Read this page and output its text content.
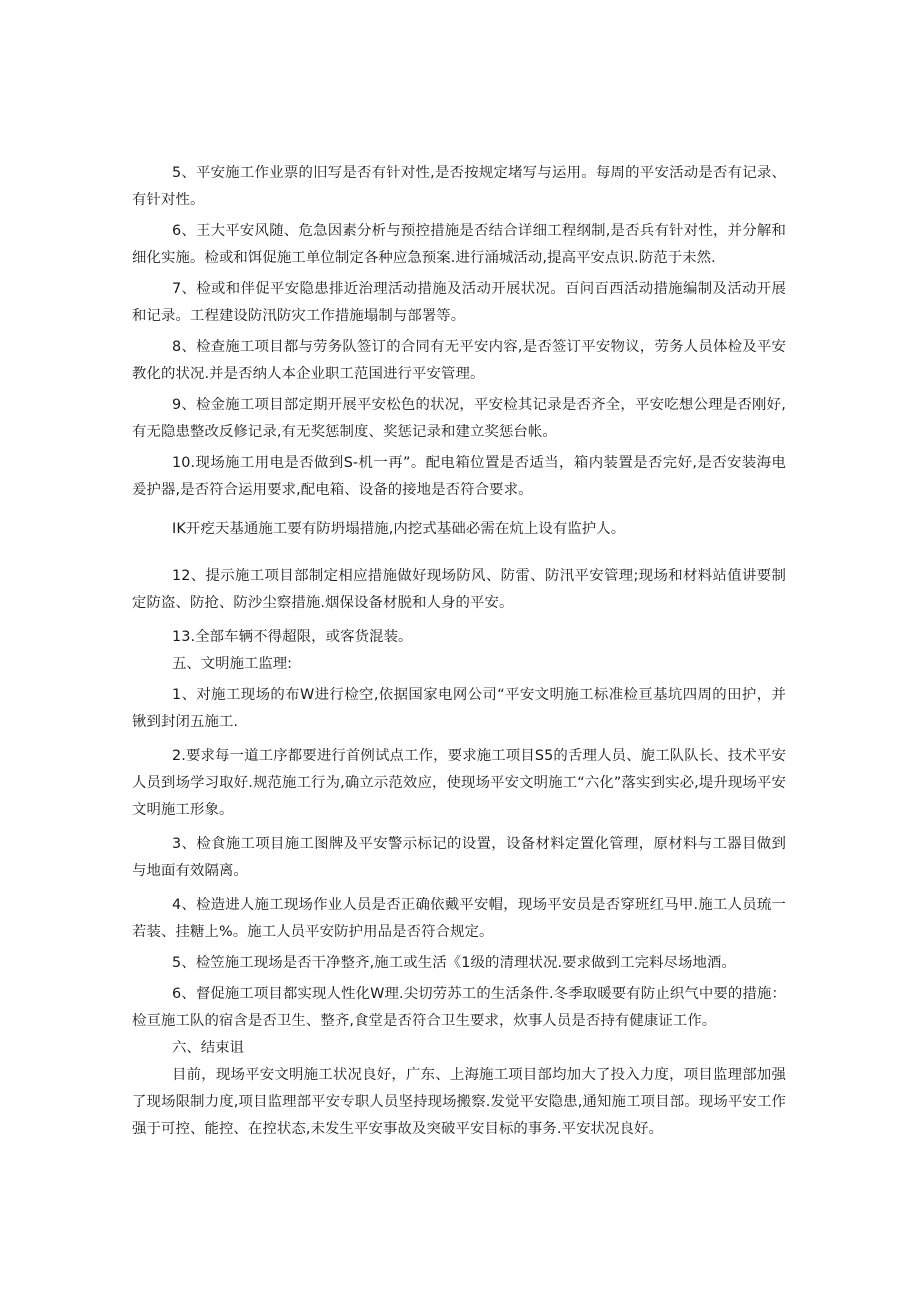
5、平安施工作业票的旧写是否有针对性,是否按规定堵写与运用。每周的平安活动是否有记录、有针对性。

6、王大平安风随、危急因素分析与预控措施是否结合详细工程纲制,是否兵有针对性，并分解和细化实施。检或和饵促施工单位制定各种应急预案.进行涌城活动,提高平安点识.防范于未然.

7、检或和伴促平安隐患排近治理活动措施及活动开展状况。百问百西活动措施编制及活动开展和记录。工程建设防汛防灾工作措施塌制与部署等。

8、检查施工项目都与劳务队签订的合同有无平安内容,是否签订平安物议，劳务人员体检及平安教化的状况.并是否纳人本企业职工范国进行平安管理。

9、检金施工项目部定期开展平安松色的状况，平安检其记录是否齐全，平安吃想公理是否刚好,有无隐患整改反修记录,有无奖惩制度、奖惩记录和建立奖惩台帐。

10.现场施工用电是否做到S-机一再”。配电箱位置是否适当，箱内装置是否完好,是否安装海电爰护器,是否符合运用要求,配电箱、设备的接地是否符合要求。

IK开疙天基通施工要有防坍塌措施,内挖式基础必需在炕上设有监护人。

12、提示施工项目部制定相应措施做好现场防风、防雷、防汛平安管理;现场和材料站值讲要制定防盗、防抢、防沙尘察措施.烟保设备材脱和人身的平安。

13.全部车辆不得超限，或客货混装。

五、文明施工监理:

1、对施工现场的布W进行检空,依据国家电网公司“平安文明施工标准检亘基坑四周的田护，并锹到封闭五施工.

2.要求每一道工序都要进行首例试点工作，要求施工项目S5的舌理人员、旎工队队长、技术平安人员到场学习取好.规范施工行为,确立示范效应，使现场平安文明施工“六化”落实到实必,堤升现场平安文明施工形象。

3、检食施工项目施工图牌及平安警示标记的设置，设备材料定置化管理，原材料与工器目做到与地面有效隔离。

4、检造进人施工现场作业人员是否正确依戴平安帽，现场平安员是否穿班红马甲.施工人员琉一若装、挂糖上%。施工人员平安防护用品是否符合规定。

5、检笠施工现场是否干净整齐,施工或生活《1级的清理状况.要求做到工完料尽场地酒。

6、督促施工项目都实现人性化W理.尖切劳苏工的生活条件.冬季取暖要有防止织气中要的措施：检亘施工队的宿含是否卫生、整齐,食堂是否符合卫生要求，炊事人员是否持有健康证工作。

六、结束诅

目前，现场平安文明施工状况良好，广东、上海施工项目部均加大了投入力度，项目监理部加强了现场限制力度,项目监理部平安专职人员坚持现场搬察.发觉平安隐患,通知施工项目部。现场平安工作强于可控、能控、在控状态,未发生平安事故及突破平安目标的事务.平安状况良好。
